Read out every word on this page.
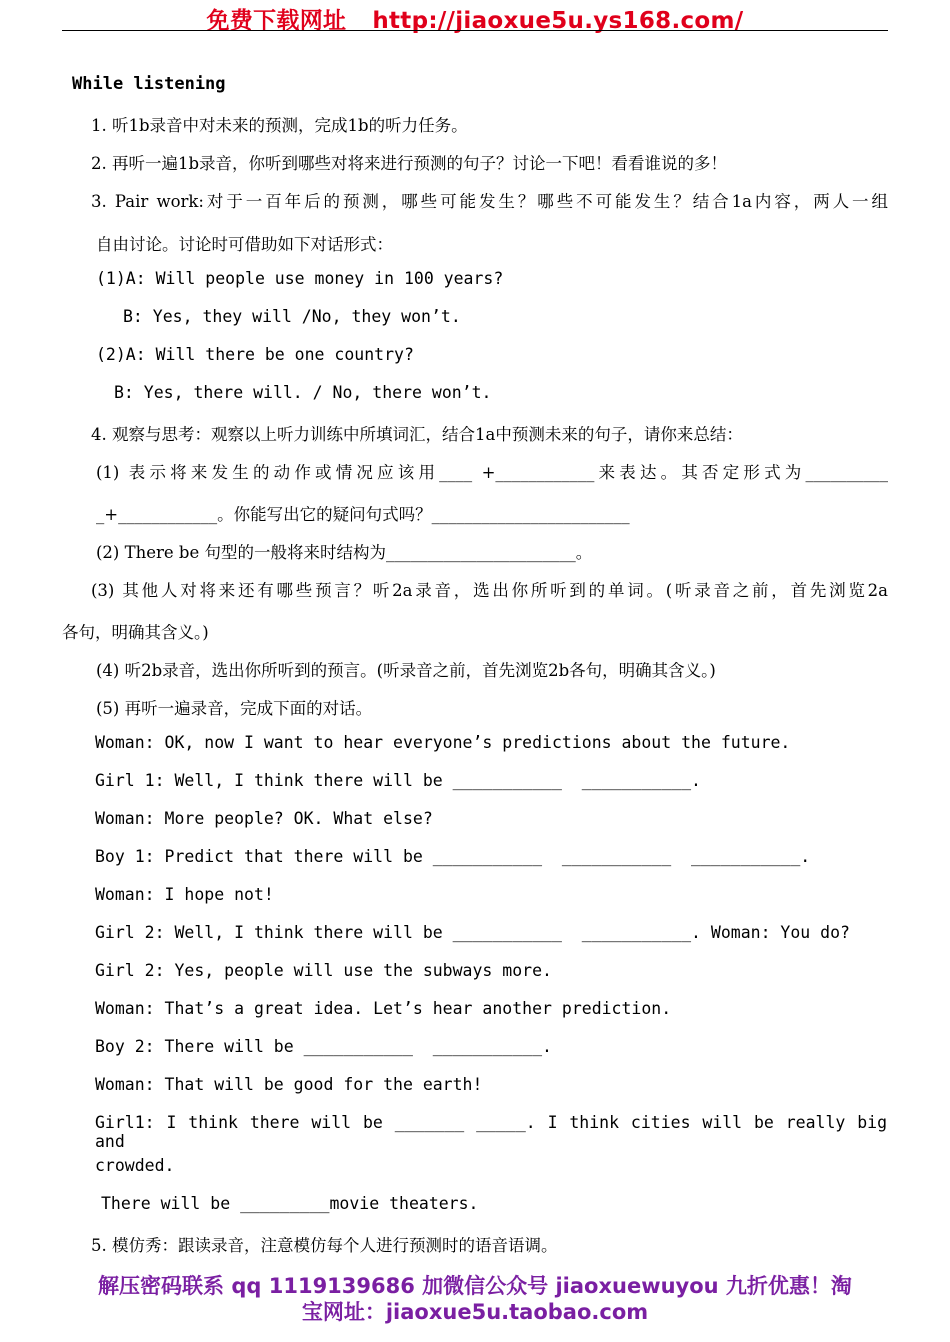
免费下载网址 http://jiaoxue5u.ys168.com/
While listening
1. 听1b录音中对未来的预测，完成1b的听力任务。
2. 再听一遍1b录音，你听到哪些对将来进行预测的句子？讨论一下吧！看看谁说的多！
3. Pair work:对于一百年后的预测，哪些可能发生？哪些不可能发生？结合1a内容，两人一组
自由讨论。讨论时可借助如下对话形式：
(1)A: Will people use money in 100 years?
B: Yes, they will /No, they won’t.
(2)A: Will there be one country?
B: Yes, there will. / No, there won’t.
4. 观察与思考：观察以上听力训练中所填词汇，结合1a中预测未来的句子，请你来总结：
(1) 表示将来发生的动作或情况应该用____ +____________来表达。其否定形式为__________
_+____________。你能写出它的疑问句式吗？________________________
(2) There be 句型的一般将来时结构为_______________________。
(3) 其他人对将来还有哪些预言？听2a录音，选出你所听到的单词。(听录音之前，首先浏览2a
各句，明确其含义。)
(4) 听2b录音，选出你所听到的预言。(听录音之前，首先浏览2b各句，明确其含义。)
(5) 再听一遍录音，完成下面的对话。
Woman: OK, now I want to hear everyone’s predictions about the future.
Girl 1: Well, I think there will be ___________  ___________.
Woman: More people? OK. What else?
Boy 1: Predict that there will be ___________  ___________  ___________.
Woman: I hope not!
Girl 2: Well, I think there will be ___________  ___________. Woman: You do?
Girl 2: Yes, people will use the subways more.
Woman: That’s a great idea. Let’s hear another prediction.
Boy 2: There will be ___________  ___________.
Woman: That will be good for the earth!
Girl1: I think there will be _______ _____. I think cities will be really big and
crowded.
There will be _________movie theaters.
5. 模仿秀：跟读录音，注意模仿每个人进行预测时的语音语调。
解压密码联系 qq 1119139686 加微信公众号 jiaoxuewuyou 九折优惠！淘
宝网址：jiaoxue5u.taobao.com
